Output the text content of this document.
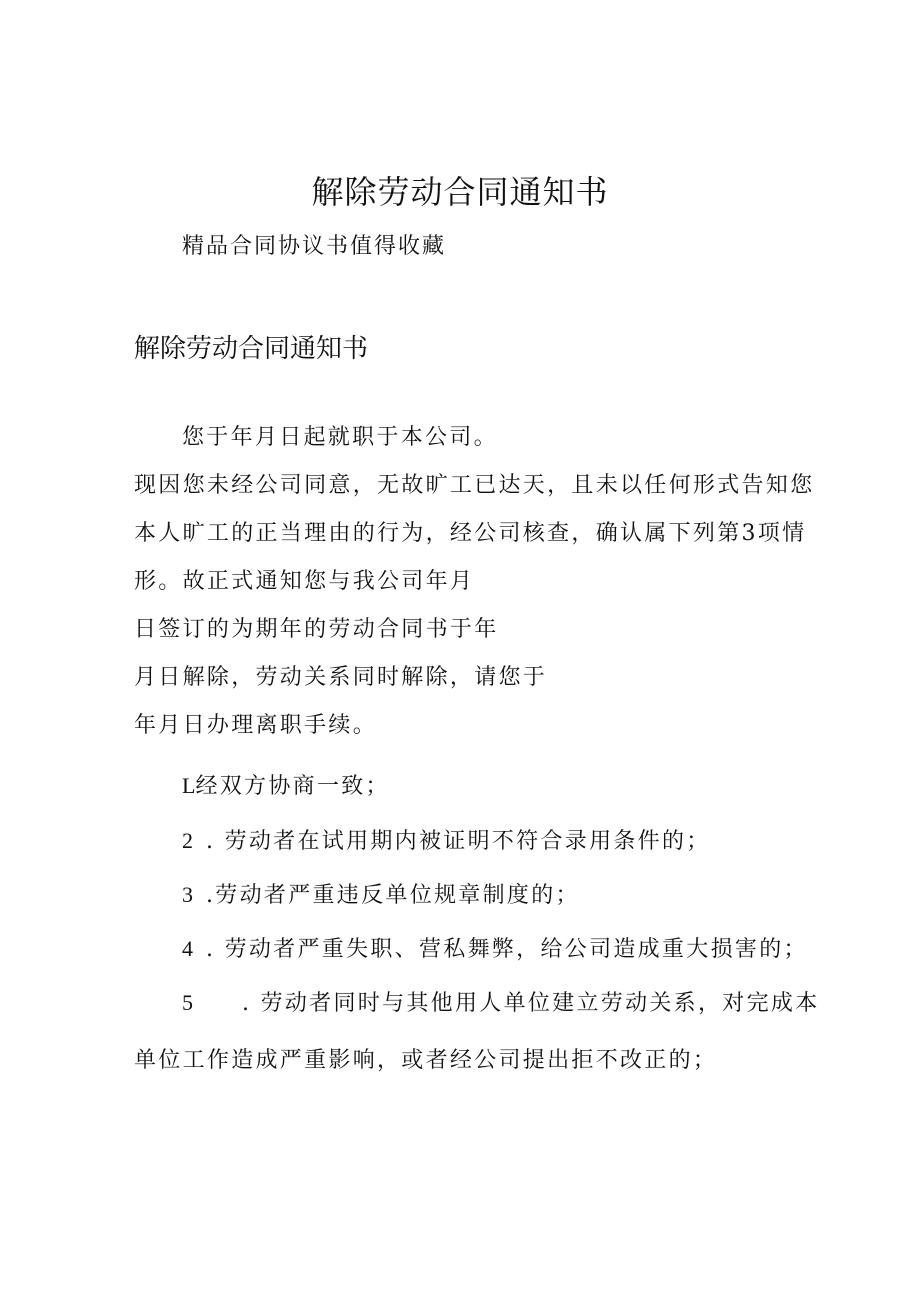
解除劳动合同通知书
精品合同协议书值得收藏
解除劳动合同通知书
您于年月日起就职于本公司。
现因您未经公司同意，无故旷工已达天，且未以任何形式告知您
本人旷工的正当理由的行为，经公司核查，确认属下列第3项情
形。故正式通知您与我公司年月
日签订的为期年的劳动合同书于年
月日解除，劳动关系同时解除，请您于
年月日办理离职手续。
L经双方协商一致；
2 . 劳动者在试用期内被证明不符合录用条件的；
3 .劳动者严重违反单位规章制度的；
4 . 劳动者严重失职、营私舞弊，给公司造成重大损害的；
5 . 劳动者同时与其他用人单位建立劳动关系，对完成本
单位工作造成严重影响，或者经公司提出拒不改正的；
